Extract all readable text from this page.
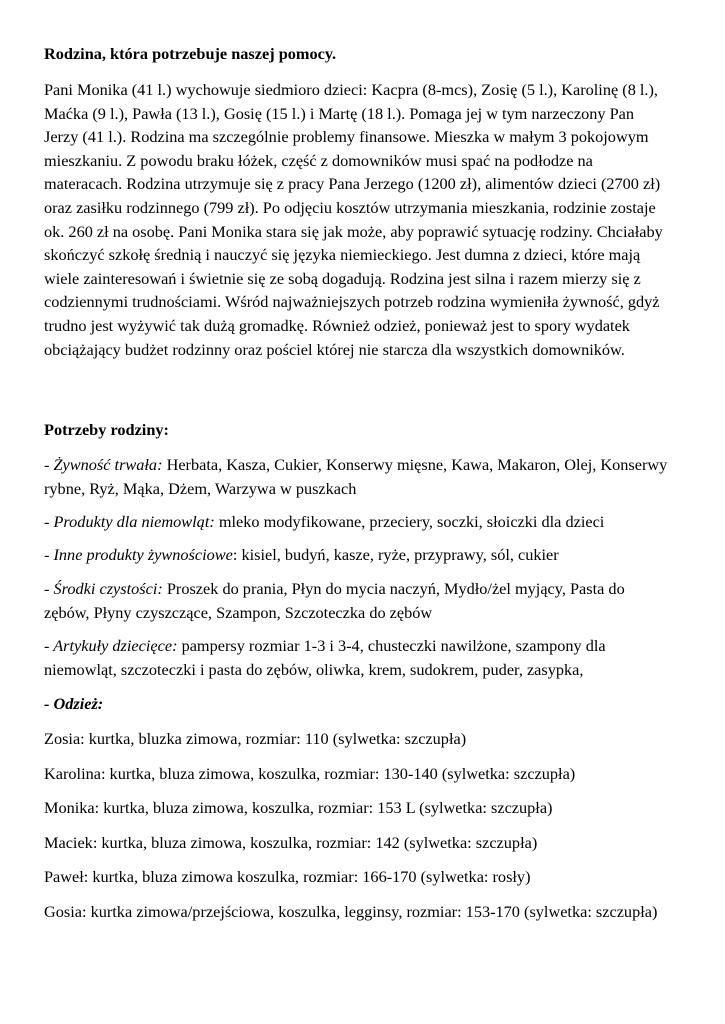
Rodzina, która potrzebuje naszej pomocy.

Pani Monika (41 l.) wychowuje siedmioro dzieci: Kacpra (8-mcs), Zosię (5 l.), Karolinę (8 l.), Maćka (9 l.), Pawła (13 l.), Gosię (15 l.) i Martę (18 l.). Pomaga jej w tym narzeczony Pan Jerzy (41 l.). Rodzina ma szczególnie problemy finansowe. Mieszka w małym 3 pokojowym mieszkaniu. Z powodu braku łóżek, część z domowników musi spać na podłodze na materacach. Rodzina utrzymuje się z pracy Pana Jerzego (1200 zł), alimentów dzieci (2700 zł) oraz zasiłku rodzinnego (799 zł). Po odjęciu kosztów utrzymania mieszkania, rodzinie zostaje ok. 260 zł na osobę. Pani Monika stara się jak może, aby poprawić sytuację rodziny. Chciałaby skończyć szkołę średnią i nauczyć się języka niemieckiego. Jest dumna z dzieci, które mają wiele zainteresowań i świetnie się ze sobą dogadują. Rodzina jest silna i razem mierzy się z codziennymi trudnościami. Wśród najważniejszych potrzeb rodzina wymieniła żywność, gdyż trudno jest wyżywić tak dużą gromadkę. Również odzież, ponieważ jest to spory wydatek obciążający budżet rodzinny oraz pościel której nie starcza dla wszystkich domowników.

Potrzeby rodziny:

- Żywność trwała: Herbata, Kasza, Cukier, Konserwy mięsne, Kawa, Makaron, Olej, Konserwy rybne, Ryż, Mąka, Dżem, Warzywa w puszkach

- Produkty dla niemowląt: mleko modyfikowane, przeciery, soczki, słoiczki dla dzieci

- Inne produkty żywnościowe: kisiel, budyń, kasze, ryże, przyprawy, sól, cukier

- Środki czystości: Proszek do prania, Płyn do mycia naczyń, Mydło/żel myjący, Pasta do zębów, Płyny czyszczące, Szampon, Szczoteczka do zębów

- Artykuły dziecięce: pampersy rozmiar 1-3 i 3-4, chusteczki nawilżone, szampony dla niemowląt, szczoteczki i pasta do zębów, oliwka, krem, sudokrem, puder, zasypka,

- Odzież:

Zosia: kurtka, bluzka zimowa, rozmiar: 110 (sylwetka: szczupła)

Karolina: kurtka, bluza zimowa, koszulka, rozmiar: 130-140 (sylwetka: szczupła)

Monika: kurtka, bluza zimowa, koszulka, rozmiar: 153 L (sylwetka: szczupła)

Maciek: kurtka, bluza zimowa, koszulka, rozmiar: 142 (sylwetka: szczupła)

Paweł: kurtka, bluza zimowa koszulka, rozmiar: 166-170 (sylwetka: rosły)

Gosia: kurtka zimowa/przejściowa, koszulka, legginsy, rozmiar: 153-170 (sylwetka: szczupła)
